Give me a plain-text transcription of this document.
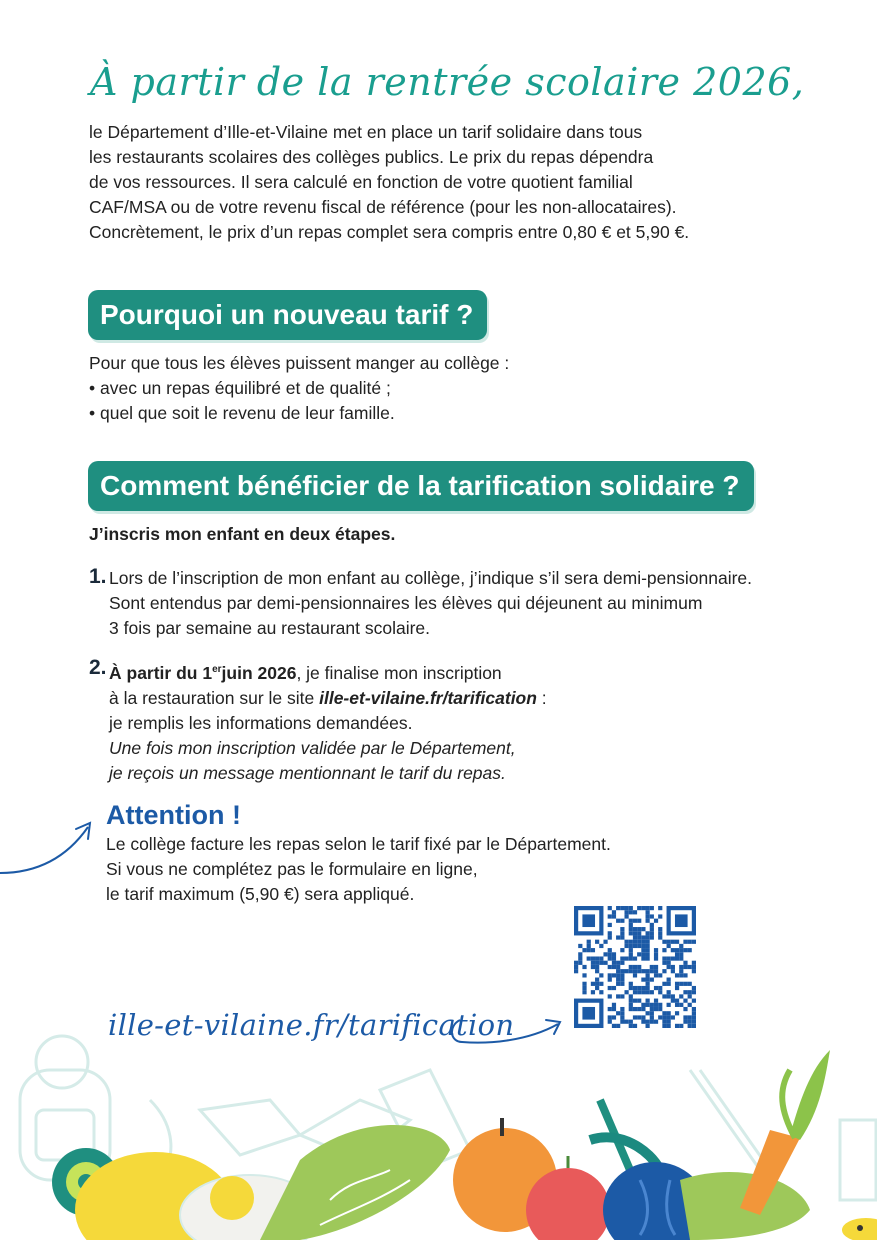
À partir de la rentrée scolaire 2026,
le Département d’Ille-et-Vilaine met en place un tarif solidaire dans tous
les restaurants scolaires des collèges publics. Le prix du repas dépendra
de vos ressources. Il sera calculé en fonction de votre quotient familial
CAF/MSA ou de votre revenu fiscal de référence (pour les non-allocataires).
Concrètement, le prix d’un repas complet sera compris entre 0,80 € et 5,90 €.
Pourquoi un nouveau tarif ?
Pour que tous les élèves puissent manger au collège :
• avec un repas équilibré et de qualité ;
• quel que soit le revenu de leur famille.
Comment bénéficier de la tarification solidaire ?
J’inscris mon enfant en deux étapes.
1. Lors de l’inscription de mon enfant au collège, j’indique s’il sera demi-pensionnaire.
Sont entendus par demi-pensionnaires les élèves qui déjeunent au minimum
3 fois par semaine au restaurant scolaire.
2. À partir du 1erjuin 2026, je finalise mon inscription
à la restauration sur le site ille-et-vilaine.fr/tarification :
je remplis les informations demandées.
Une fois mon inscription validée par le Département,
je reçois un message mentionnant le tarif du repas.
Attention !
Le collège facture les repas selon le tarif fixé par le Département.
Si vous ne complétez pas le formulaire en ligne,
le tarif maximum (5,90 €) sera appliqué.
ille-et-vilaine.fr/tarification
